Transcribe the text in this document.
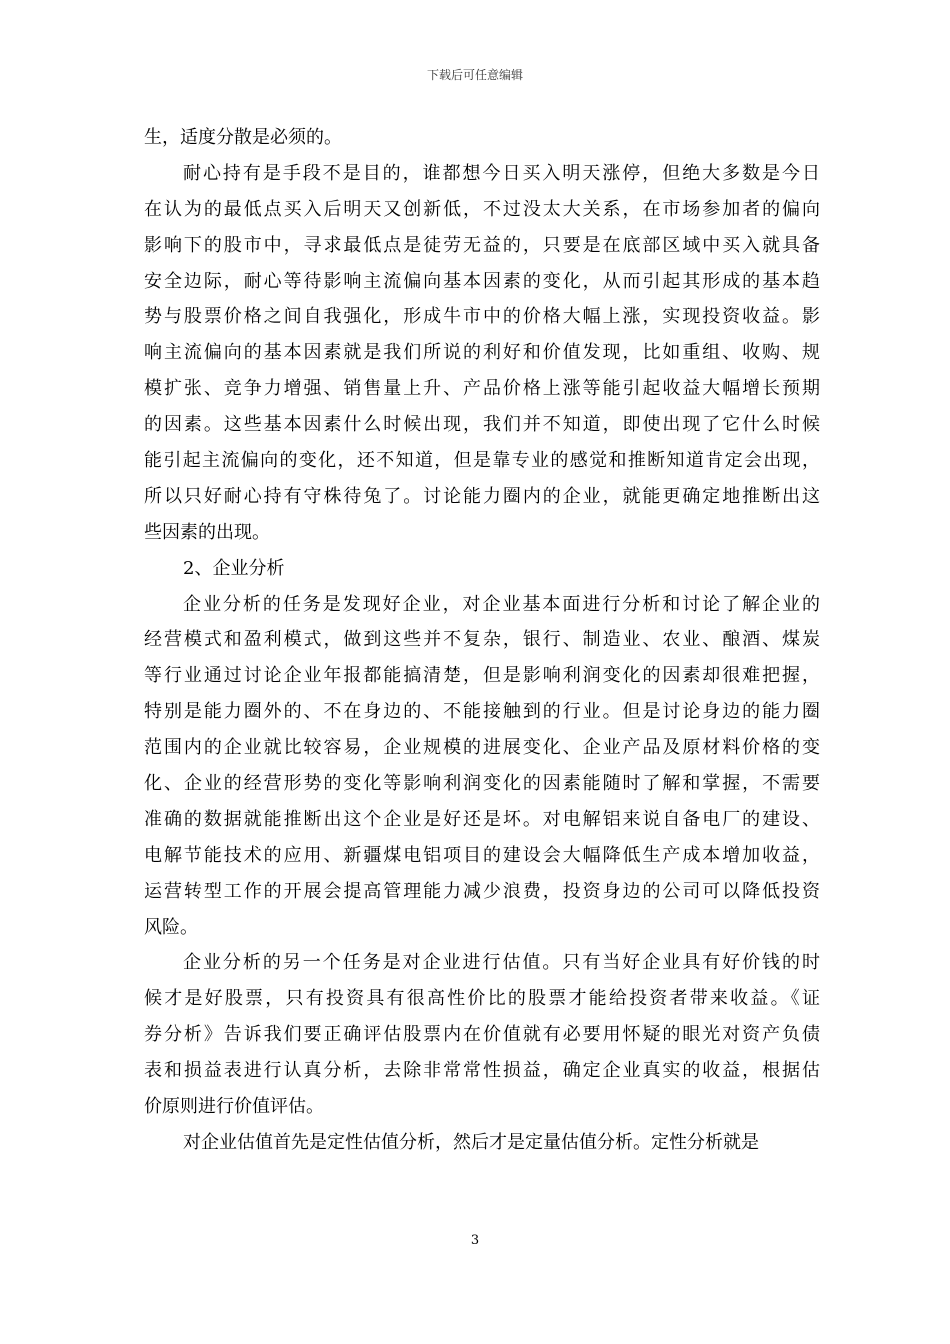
下载后可任意编辑
生，适度分散是必须的。
耐心持有是手段不是目的，谁都想今日买入明天涨停，但绝大多数是今日
在认为的最低点买入后明天又创新低，不过没太大关系，在市场参加者的偏向
影响下的股市中，寻求最低点是徒劳无益的，只要是在底部区域中买入就具备
安全边际，耐心等待影响主流偏向基本因素的变化，从而引起其形成的基本趋
势与股票价格之间自我强化，形成牛市中的价格大幅上涨，实现投资收益。影
响主流偏向的基本因素就是我们所说的利好和价值发现，比如重组、收购、规
模扩张、竞争力增强、销售量上升、产品价格上涨等能引起收益大幅增长预期
的因素。这些基本因素什么时候出现，我们并不知道，即使出现了它什么时候
能引起主流偏向的变化，还不知道，但是靠专业的感觉和推断知道肯定会出现，
所以只好耐心持有守株待兔了。讨论能力圈内的企业，就能更确定地推断出这
些因素的出现。
2、企业分析
企业分析的任务是发现好企业，对企业基本面进行分析和讨论了解企业的
经营模式和盈利模式，做到这些并不复杂，银行、制造业、农业、酿酒、煤炭
等行业通过讨论企业年报都能搞清楚，但是影响利润变化的因素却很难把握，
特别是能力圈外的、不在身边的、不能接触到的行业。但是讨论身边的能力圈
范围内的企业就比较容易，企业规模的进展变化、企业产品及原材料价格的变
化、企业的经营形势的变化等影响利润变化的因素能随时了解和掌握，不需要
准确的数据就能推断出这个企业是好还是坏。对电解铝来说自备电厂的建设、
电解节能技术的应用、新疆煤电铝项目的建设会大幅降低生产成本增加收益，
运营转型工作的开展会提高管理能力减少浪费，投资身边的公司可以降低投资
风险。
企业分析的另一个任务是对企业进行估值。只有当好企业具有好价钱的时
候才是好股票，只有投资具有很高性价比的股票才能给投资者带来收益。《证
券分析》告诉我们要正确评估股票内在价值就有必要用怀疑的眼光对资产负债
表和损益表进行认真分析，去除非常常性损益，确定企业真实的收益，根据估
价原则进行价值评估。
对企业估值首先是定性估值分析，然后才是定量估值分析。定性分析就是
3
